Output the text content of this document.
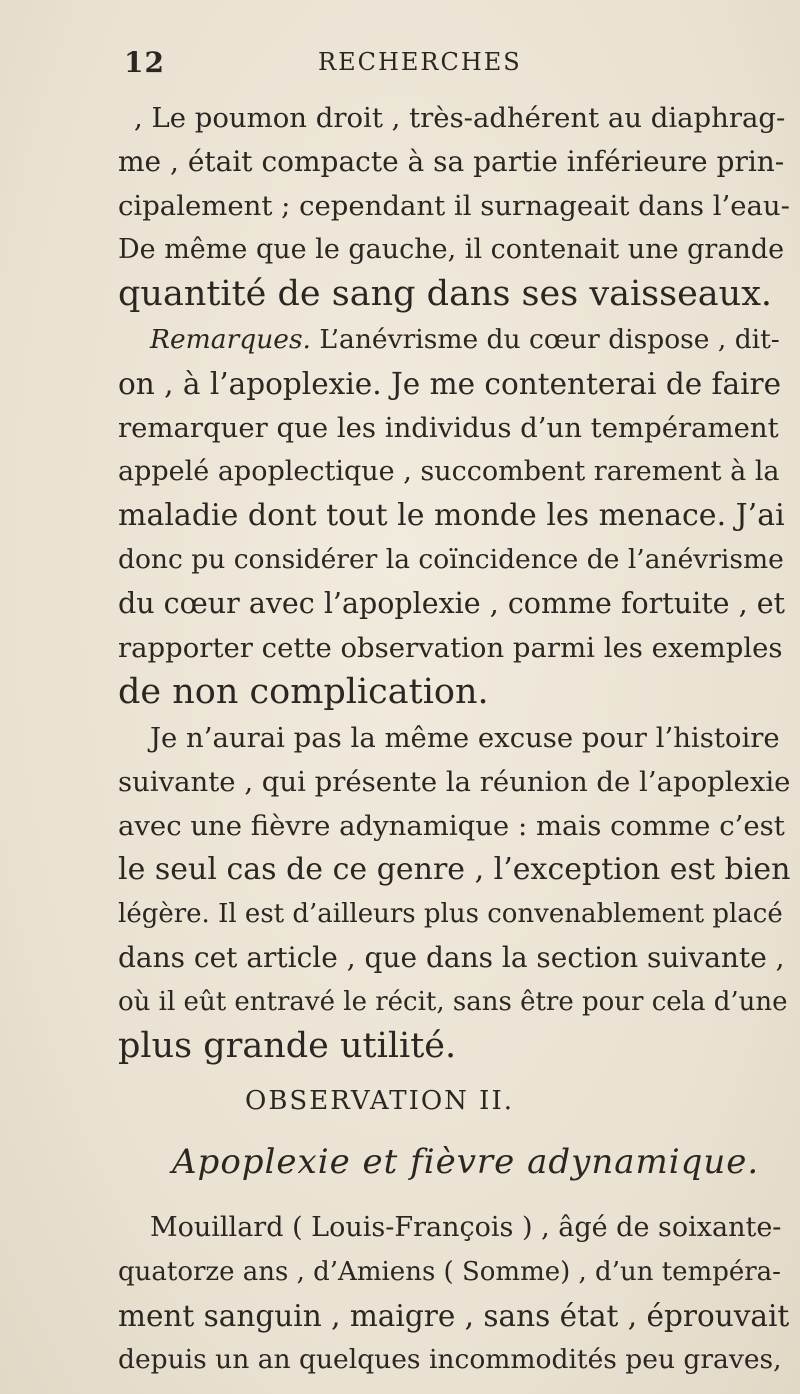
12	RECHERCHES
, Le poumon droit , très-adhérent au diaphrag-
me , était compacte à sa partie inférieure prin-
cipalement ; cependant il surnageait dans l’eau-
De même que le gauche, il contenait une grande
quantité de sang dans ses vaisseaux.
Remarques. L’anévrisme du cœur dispose , dit-
on , à l’apoplexie. Je me contenterai de faire
remarquer que les individus d’un tempérament
appelé apoplectique , succombent rarement à la
maladie dont tout le monde les menace. J’ai
donc pu considérer la coïncidence de l’anévrisme
du cœur avec l’apoplexie , comme fortuite , et
rapporter cette observation parmi les exemples
de non complication.
Je n’aurai pas la même excuse pour l’histoire
suivante , qui présente la réunion de l’apoplexie
avec une fièvre adynamique : mais comme c’est
le seul cas de ce genre , l’exception est bien
légère. Il est d’ailleurs plus convenablement placé
dans cet article , que dans la section suivante ,
où il eût entravé le récit, sans être pour cela d’une
plus grande utilité.
OBSERVATION II.
Apoplexie et fièvre adynamique.
Mouillard ( Louis-François ) , âgé de soixante-
quatorze ans , d’Amiens ( Somme) , d’un tempéra-
ment sanguin , maigre , sans état , éprouvait
depuis un an quelques incommodités peu graves,
